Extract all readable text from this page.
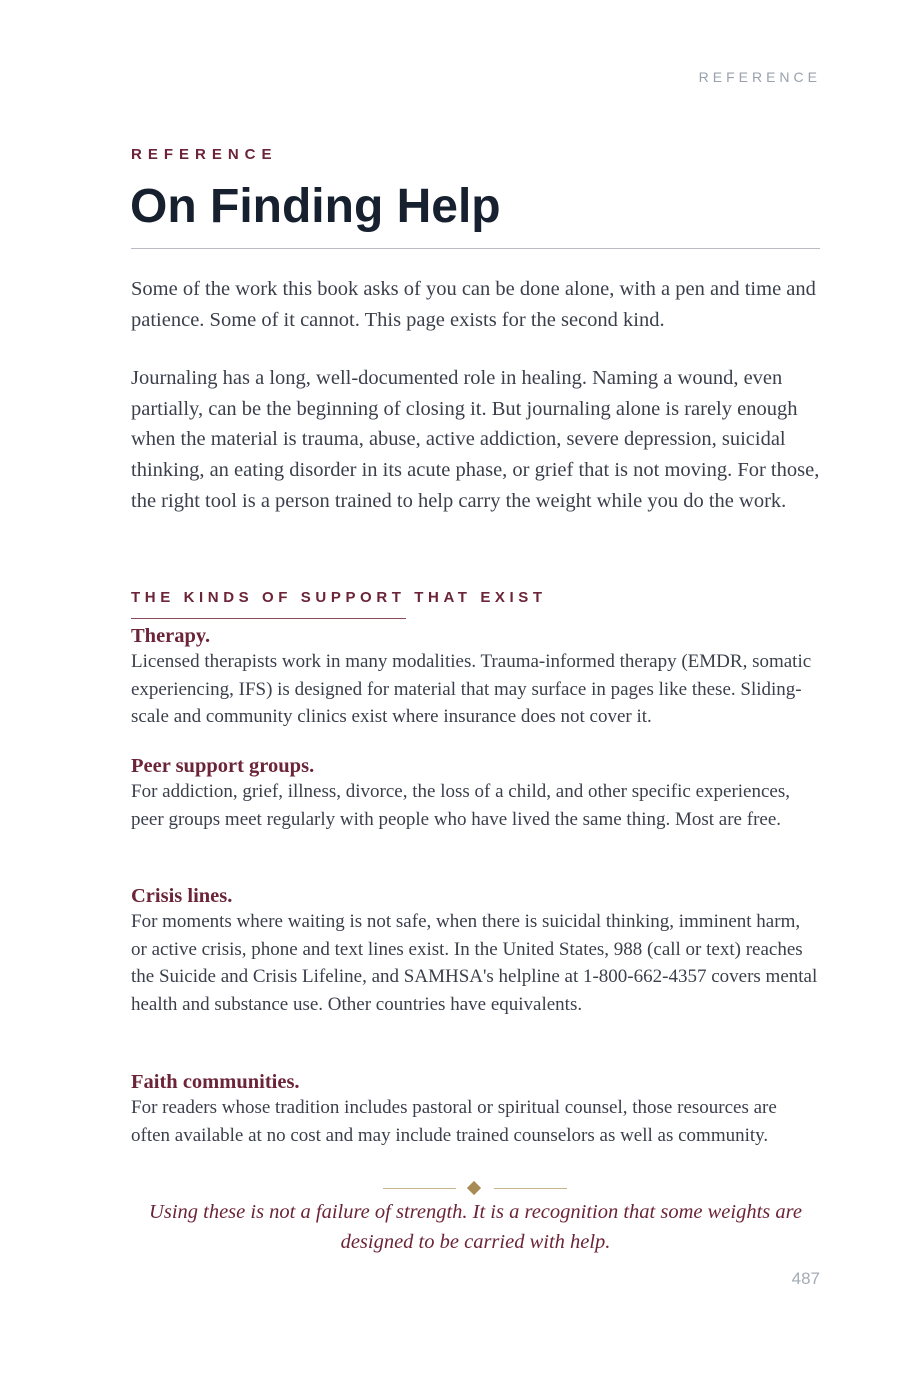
REFERENCE
REFERENCE
On Finding Help

Some of the work this book asks of you can be done alone, with a pen and time and patience. Some of it cannot. This page exists for the second kind.

Journaling has a long, well-documented role in healing. Naming a wound, even partially, can be the beginning of closing it. But journaling alone is rarely enough when the material is trauma, abuse, active addiction, severe depression, suicidal thinking, an eating disorder in its acute phase, or grief that is not moving. For those, the right tool is a person trained to help carry the weight while you do the work.

THE KINDS OF SUPPORT THAT EXIST
Therapy.
Licensed therapists work in many modalities. Trauma-informed therapy (EMDR, somatic experiencing, IFS) is designed for material that may surface in pages like these. Sliding-scale and community clinics exist where insurance does not cover it.
Peer support groups.
For addiction, grief, illness, divorce, the loss of a child, and other specific experiences, peer groups meet regularly with people who have lived the same thing. Most are free.
Crisis lines.
For moments where waiting is not safe, when there is suicidal thinking, imminent harm, or active crisis, phone and text lines exist. In the United States, 988 (call or text) reaches the Suicide and Crisis Lifeline, and SAMHSA's helpline at 1-800-662-4357 covers mental health and substance use. Other countries have equivalents.
Faith communities.
For readers whose tradition includes pastoral or spiritual counsel, those resources are often available at no cost and may include trained counselors as well as community.

Using these is not a failure of strength. It is a recognition that some weights are designed to be carried with help.

487
